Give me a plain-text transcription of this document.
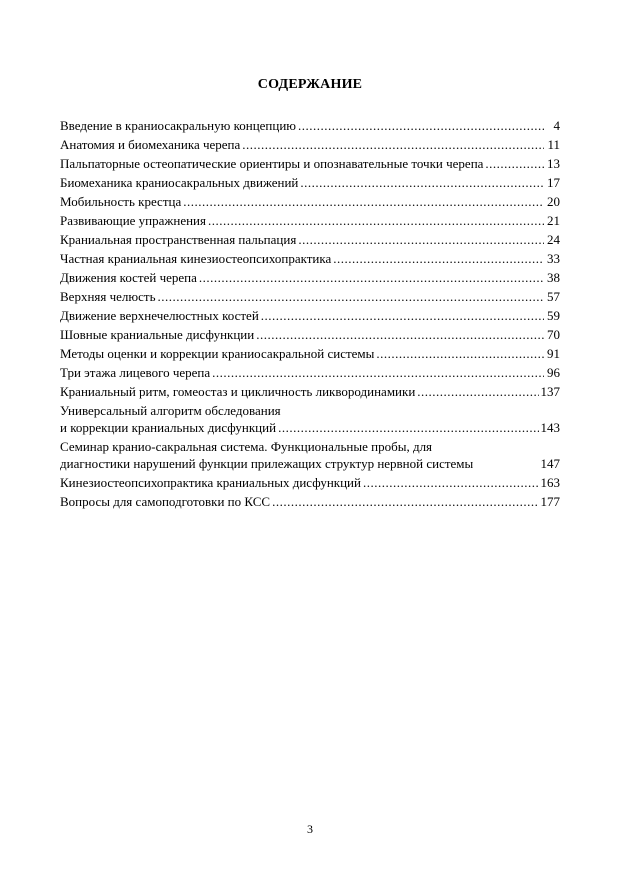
СОДЕРЖАНИЕ
Введение в краниосакральную концепцию .....	4
Анатомия и биомеханика черепа .....	11
Пальпаторные остеопатические ориентиры и опознавательные точки черепа .....	13
Биомеханика краниосакральных движений .....	17
Мобильность крестца .....	20
Развивающие упражнения .....	21
Краниальная пространственная пальпация .....	24
Частная краниальная кинезиостеопсихопрактика .....	33
Движения костей черепа .....	38
Верхняя челюсть .....	57
Движение верхнечелюстных костей .....	59
Шовные краниальные дисфункции .....	70
Методы оценки и коррекции краниосакральной системы .....	91
Три этажа лицевого черепа .....	96
Краниальный ритм, гомеостаз и цикличность ликвородинамики .....	137
Универсальный алгоритм обследования
и коррекции краниальных дисфункций .....	143
Семинар кранио-сакральная система. Функциональные пробы, для
диагностики нарушений функции прилежащих структур нервной системы	147
Кинезиостеопсихопрактика краниальных дисфункций .....	163
Вопросы для самоподготовки по КСС .....	177
3
